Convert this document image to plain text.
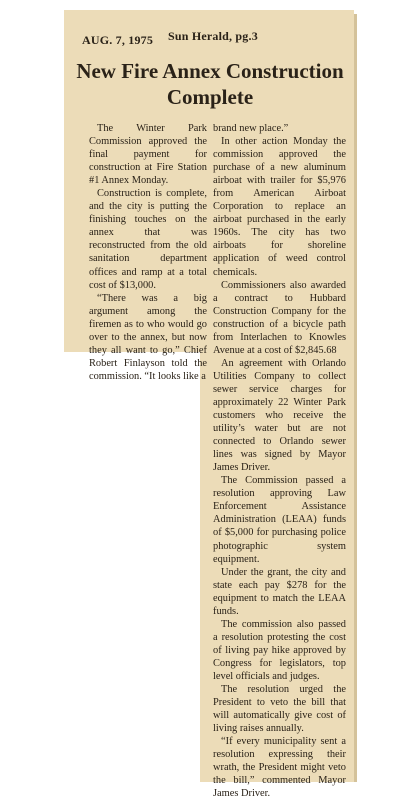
AUG. 7, 1975 Sun Herald, pg.3
New Fire Annex Construction Complete

The Winter Park Commission approved the final payment for construction at Fire Station #1 Annex Monday.

Construction is complete, and the city is putting the finishing touches on the annex that was reconstructed from the old sanitation department offices and ramp at a total cost of $13,000.

“There was a big argument among the firemen as to who would go over to the annex, but now they all want to go,” Chief Robert Finlayson told the commission. “It looks like a

brand new place.”

In other action Monday the commission approved the purchase of a new aluminum airboat with trailer for $5,976 from American Airboat Corporation to replace an airboat purchased in the early 1960s. The city has two airboats for shoreline application of weed control chemicals.

Commissioners also awarded a contract to Hubbard Construction Company for the construction of a bicycle path from Interlachen to Knowles Avenue at a cost of $2,845.68

An agreement with Orlando Utilities Company to collect sewer service charges for approximately 22 Winter Park customers who receive the utility’s water but are not connected to Orlando sewer lines was signed by Mayor James Driver.

The Commission passed a resolution approving Law Enforcement Assistance Administration (LEAA) funds of $5,000 for purchasing police photographic system equipment.

Under the grant, the city and state each pay $278 for the equipment to match the LEAA funds.

The commission also passed a resolution protesting the cost of living pay hike approved by Congress for legislators, top level officials and judges.

The resolution urged the President to veto the bill that will automatically give cost of living raises annually.

“If every municipality sent a resolution expressing their wrath, the President might veto the bill,” commented Mayor James Driver.
